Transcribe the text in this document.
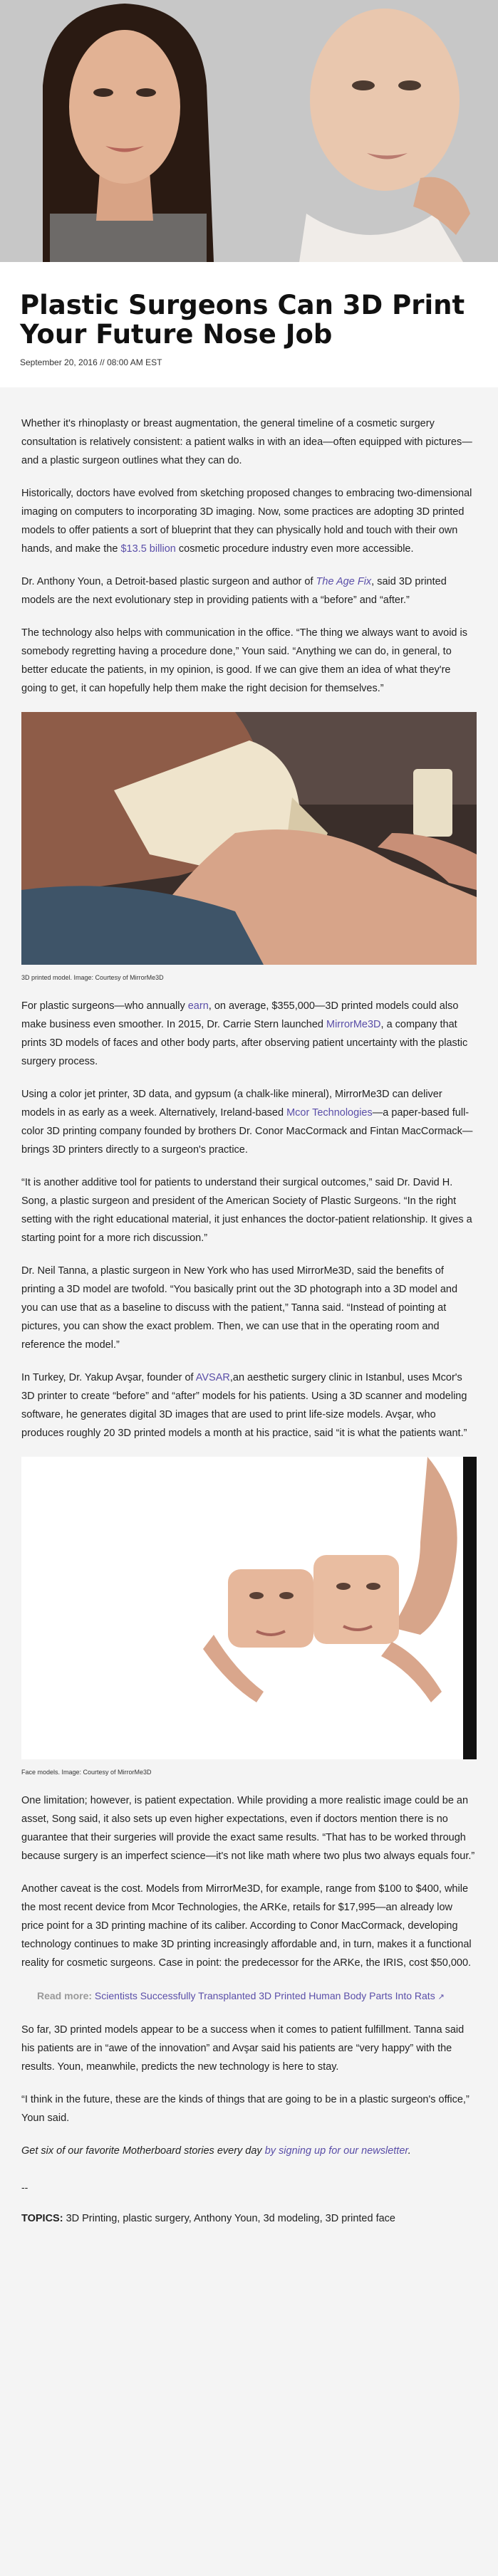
Plastic Surgeons Can 3D Print Your Future Nose Job
September 20, 2016 // 08:00 AM EST

Whether it's rhinoplasty or breast augmentation, the general timeline of a cosmetic surgery consultation is relatively consistent: a patient walks in with an idea—often equipped with pictures—and a plastic surgeon outlines what they can do.

Historically, doctors have evolved from sketching proposed changes to embracing two-dimensional imaging on computers to incorporating 3D imaging. Now, some practices are adopting 3D printed models to offer patients a sort of blueprint that they can physically hold and touch with their own hands, and make the $13.5 billion cosmetic procedure industry even more accessible.

Dr. Anthony Youn, a Detroit-based plastic surgeon and author of The Age Fix, said 3D printed models are the next evolutionary step in providing patients with a “before” and “after.”

The technology also helps with communication in the office. “The thing we always want to avoid is somebody regretting having a procedure done,” Youn said. “Anything we can do, in general, to better educate the patients, in my opinion, is good. If we can give them an idea of what they're going to get, it can hopefully help them make the right decision for themselves.”

3D printed model. Image: Courtesy of MirrorMe3D

For plastic surgeons—who annually earn, on average, $355,000—3D printed models could also make business even smoother. In 2015, Dr. Carrie Stern launched MirrorMe3D, a company that prints 3D models of faces and other body parts, after observing patient uncertainty with the plastic surgery process.

Using a color jet printer, 3D data, and gypsum (a chalk-like mineral), MirrorMe3D can deliver models in as early as a week. Alternatively, Ireland-based Mcor Technologies—a paper-based full-color 3D printing company founded by brothers Dr. Conor MacCormack and Fintan MacCormack—brings 3D printers directly to a surgeon's practice.

“It is another additive tool for patients to understand their surgical outcomes,” said Dr. David H. Song, a plastic surgeon and president of the American Society of Plastic Surgeons. “In the right setting with the right educational material, it just enhances the doctor-patient relationship. It gives a starting point for a more rich discussion.”

Dr. Neil Tanna, a plastic surgeon in New York who has used MirrorMe3D, said the benefits of printing a 3D model are twofold. “You basically print out the 3D photograph into a 3D model and you can use that as a baseline to discuss with the patient,” Tanna said. “Instead of pointing at pictures, you can show the exact problem. Then, we can use that in the operating room and reference the model.”

In Turkey, Dr. Yakup Avşar, founder of AVSAR,an aesthetic surgery clinic in Istanbul, uses Mcor's 3D printer to create “before” and “after” models for his patients. Using a 3D scanner and modeling software, he generates digital 3D images that are used to print life-size models. Avşar, who produces roughly 20 3D printed models a month at his practice, said “it is what the patients want.”

Face models. Image: Courtesy of MirrorMe3D

One limitation; however, is patient expectation. While providing a more realistic image could be an asset, Song said, it also sets up even higher expectations, even if doctors mention there is no guarantee that their surgeries will provide the exact same results. “That has to be worked through because surgery is an imperfect science—it's not like math where two plus two always equals four.”

Another caveat is the cost. Models from MirrorMe3D, for example, range from $100 to $400, while the most recent device from Mcor Technologies, the ARKe, retails for $17,995—an already low price point for a 3D printing machine of its caliber. According to Conor MacCormack, developing technology continues to make 3D printing increasingly affordable and, in turn, makes it a functional reality for cosmetic surgeons. Case in point: the predecessor for the ARKe, the IRIS, cost $50,000.

Read more: Scientists Successfully Transplanted 3D Printed Human Body Parts Into Rats ↗

So far, 3D printed models appear to be a success when it comes to patient fulfillment. Tanna said his patients are in “awe of the innovation” and Avşar said his patients are “very happy” with the results. Youn, meanwhile, predicts the new technology is here to stay.

“I think in the future, these are the kinds of things that are going to be in a plastic surgeon's office,” Youn said.

Get six of our favorite Motherboard stories every day by signing up for our newsletter.
--
TOPICS: 3D Printing, plastic surgery, Anthony Youn, 3d modeling, 3D printed face
